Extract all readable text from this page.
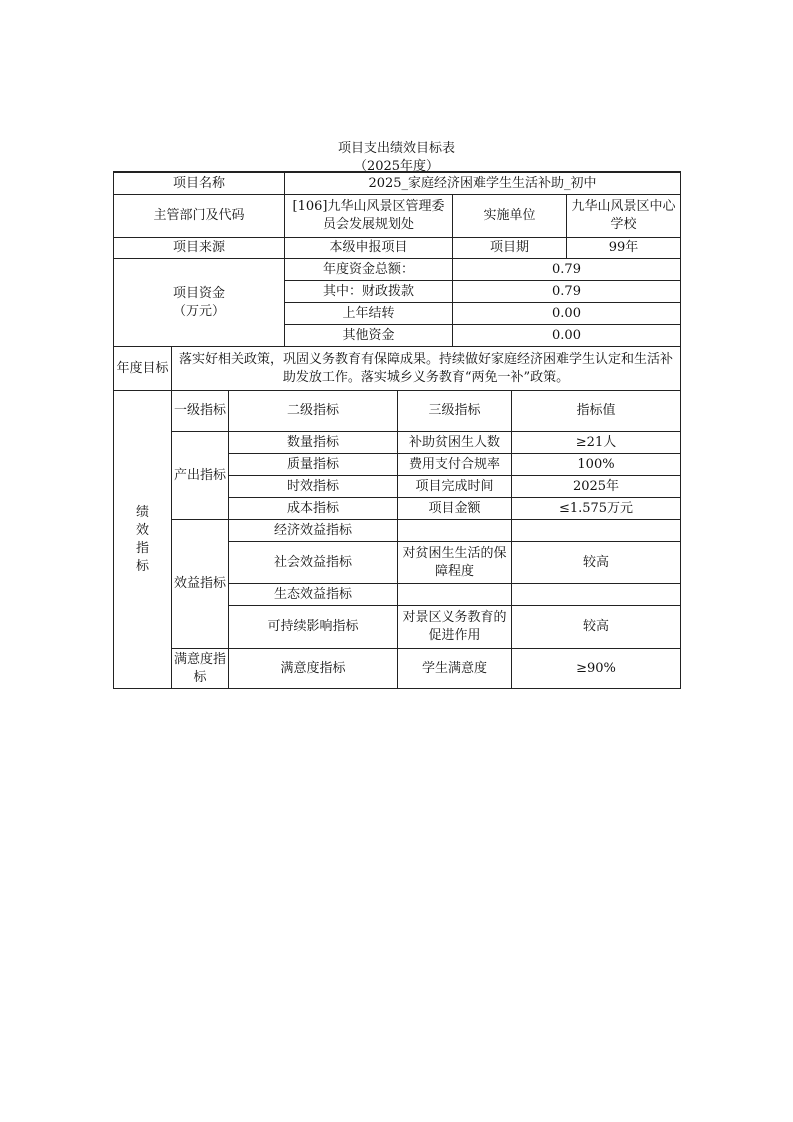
项目支出绩效目标表
（2025年度）

项目名称			2025_家庭经济困难学生生活补助_初中				
主管部门及代码			[106]九华山风景区管理委员会发展规划处		实施单位		九华山风景区中心学校
项目来源			本级申报项目		项目期		99年

项目资金
（万元）			年度资金总额：		0.79		
			其中：财政拨款		0.79		
			上年结转		0.00		
			其他资金		0.00		
年度目标	落实好相关政策，巩固义务教育有保障成果。持续做好家庭经济困难学生认定和生活补助发放工作。落实城乡义务教育“两免一补”政策。						

绩效指标	一级指标	二级指标		三级指标		指标值	
	产出指标	数量指标		补助贫困生人数		≥21人	
		质量指标		费用支付合规率		100%	
		时效指标		项目完成时间		2025年	
		成本指标		项目金额		≤1.575万元	
	效益指标	经济效益指标					
		社会效益指标		对贫困生生活的保障程度		较高	
		生态效益指标					
		可持续影响指标		对景区义务教育的促进作用		较高	
	满意度指标	满意度指标		学生满意度		≥90%	
